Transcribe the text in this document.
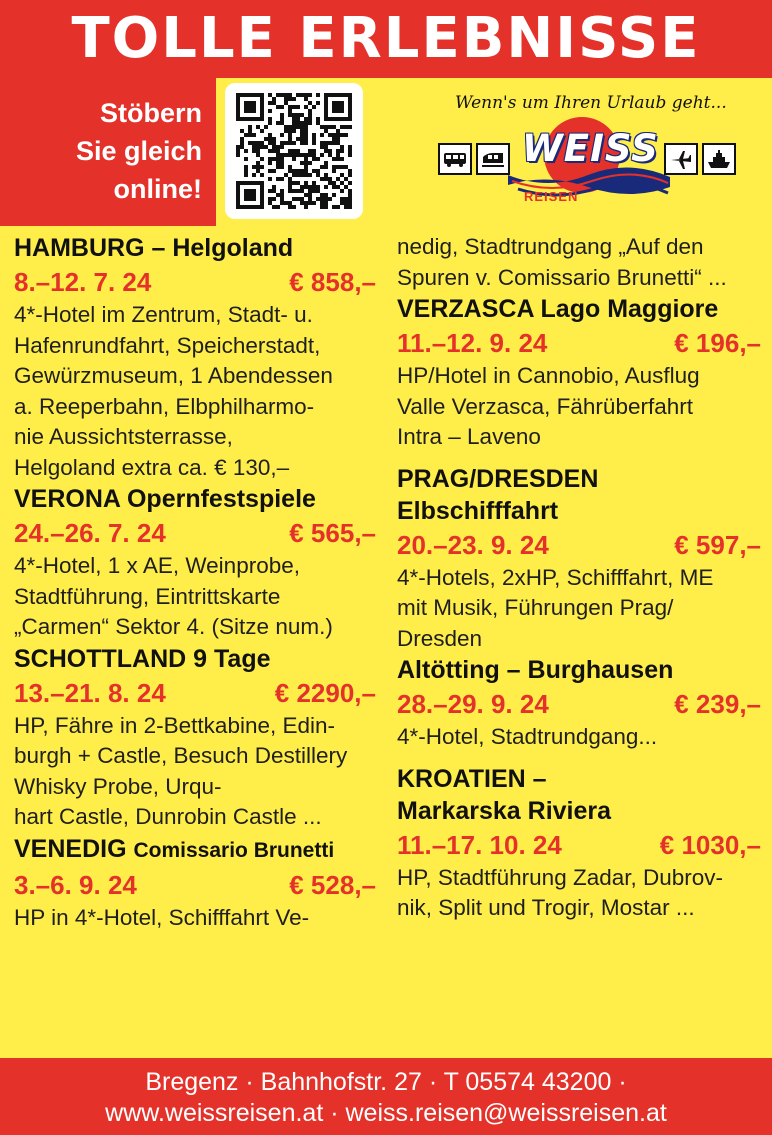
TOLLE ERLEBNISSE
Stöbern
Sie gleich
online!
Wenn's um Ihren Urlaub geht...
WEISS
REISEN
HAMBURG – Helgoland
8.–12. 7. 24	€ 858,–
4*-Hotel im Zentrum, Stadt- u.
Hafenrundfahrt, Speicherstadt,
Gewürzmuseum, 1 Abendessen
a. Reeperbahn, Elbphilharmo-
nie Aussichtsterrasse,
Helgoland extra ca. € 130,–
VERONA Opernfestspiele
24.–26. 7. 24	€ 565,–
4*-Hotel, 1 x AE, Weinprobe,
Stadtführung, Eintrittskarte
„Carmen“ Sektor 4. (Sitze num.)
SCHOTTLAND 9 Tage
13.–21. 8. 24	€ 2290,–
HP, Fähre in 2-Bettkabine, Edin-
burgh + Castle, Besuch Destillery
Whisky Probe, Urqu-
hart Castle, Dunrobin Castle ...
VENEDIG Comissario Brunetti
3.–6. 9. 24	€ 528,–
HP in 4*-Hotel, Schifffahrt Ve-
nedig, Stadtrundgang „Auf den
Spuren v. Comissario Brunetti“ ...
VERZASCA Lago Maggiore
11.–12. 9. 24	€ 196,–
HP/Hotel in Cannobio, Ausflug
Valle Verzasca, Fährüberfahrt
Intra – Laveno
PRAG/DRESDEN
Elbschifffahrt
20.–23. 9. 24	€ 597,–
4*-Hotels, 2xHP, Schifffahrt, ME
mit Musik, Führungen Prag/
Dresden
Altötting – Burghausen
28.–29. 9. 24	€ 239,–
4*-Hotel, Stadtrundgang...
KROATIEN –
Markarska Riviera
11.–17. 10. 24	€ 1030,–
HP, Stadtführung Zadar, Dubrov-
nik, Split und Trogir, Mostar ...
Bregenz · Bahnhofstr. 27 · T 05574 43200 ·
www.weissreisen.at · weiss.reisen@weissreisen.at
